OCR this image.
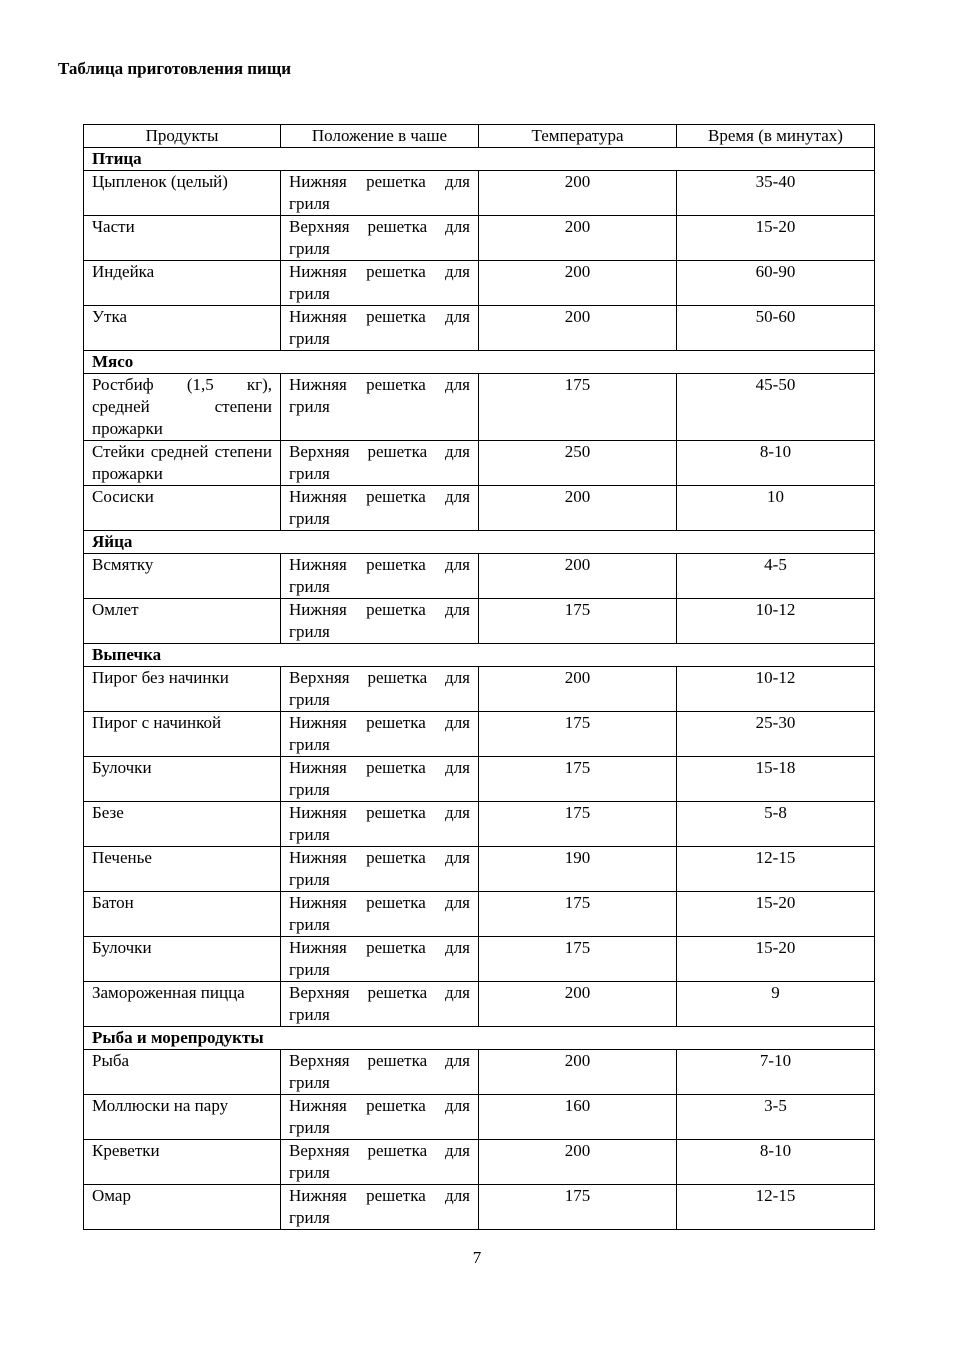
Таблица приготовления пищи
Продукты	Положение в чаше	Температура	Время (в минутах)
Птица			
Цыпленок (целый)	Нижняя решетка для гриля	200	35-40
Части	Верхняя решетка для гриля	200	15-20
Индейка	Нижняя решетка для гриля	200	60-90
Утка	Нижняя решетка для гриля	200	50-60
Мясо			
Ростбиф (1,5 кг), средней степени прожарки	Нижняя решетка для гриля	175	45-50
Стейки средней степени прожарки	Верхняя решетка для гриля	250	8-10
Сосиски	Нижняя решетка для гриля	200	10
Яйца			
Всмятку	Нижняя решетка для гриля	200	4-5
Омлет	Нижняя решетка для гриля	175	10-12
Выпечка			
Пирог без начинки	Верхняя решетка для гриля	200	10-12
Пирог с начинкой	Нижняя решетка для гриля	175	25-30
Булочки	Нижняя решетка для гриля	175	15-18
Безе	Нижняя решетка для гриля	175	5-8
Печенье	Нижняя решетка для гриля	190	12-15
Батон	Нижняя решетка для гриля	175	15-20
Булочки	Нижняя решетка для гриля	175	15-20
Замороженная пицца	Верхняя решетка для гриля	200	9
Рыба и морепродукты			
Рыба	Верхняя решетка для гриля	200	7-10
Моллюски на пару	Нижняя решетка для гриля	160	3-5
Креветки	Верхняя решетка для гриля	200	8-10
Омар	Нижняя решетка для гриля	175	12-15
7
